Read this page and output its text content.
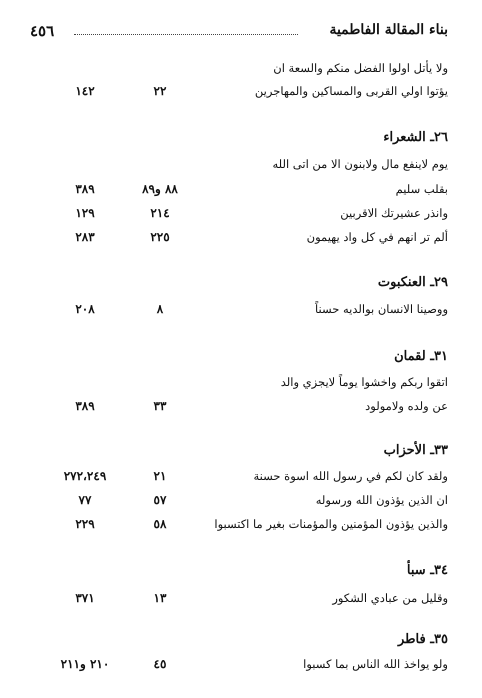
٤٥٦	بناء المقالة الفاطمية
ولا يأتل اولوا الفضل منكم والسعة ان
يؤتوا اولي القربى والمساكين والمهاجرين
٢٢
١٤٢
٢٦ـ الشعراء
يوم لاينفع مال ولابنون الا من اتى الله
بقلب سليم
٨٨ و٨٩
٣٨٩
وانذر عشيرتك الاقربين
٢١٤
١٢٩
ألم تر انهم في كل واد يهيمون
٢٢٥
٢٨٣
٢٩ـ العنكبوت
ووصينا الانسان بوالديه حسناً
٨
٢٠٨
٣١ـ لقمان
اتقوا ربكم واخشوا يوماً لايجزي والد
عن ولده ولامولود
٣٣
٣٨٩
٣٣ـ الأحزاب
ولقد كان لكم في رسول الله اسوة حسنة
٢١
٢٧٢،٢٤٩
ان الذين يؤذون الله ورسوله
٥٧
٧٧
والذين يؤذون المؤمنين والمؤمنات بغير ما اكتسبوا
٥٨
٢٢٩
٣٤ـ سبأ
وقليل من عبادي الشكور
١٣
٣٧١
٣٥ـ فاطر
ولو يواخذ الله الناس بما كسبوا
٤٥
٢١٠ و٢١١
